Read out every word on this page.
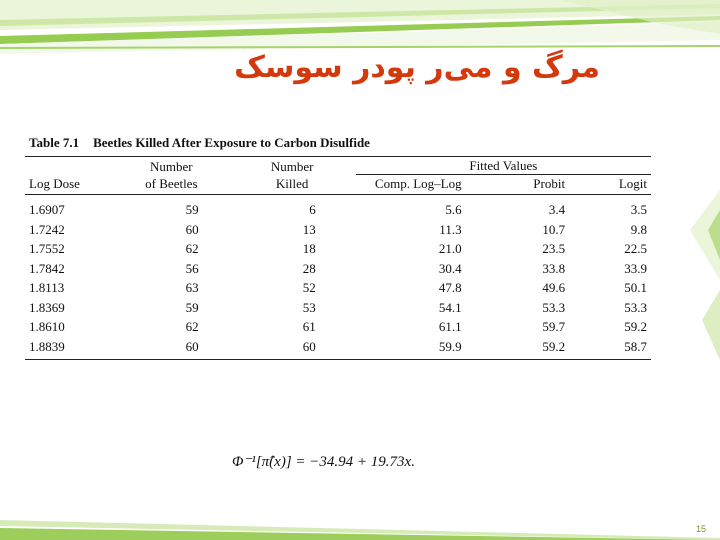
مرگ و می‌ر پودر سوسک
Table 7.1 Beetles Killed After Exposure to Carbon Disulfide
	Number	Number	Fitted Values		
Log Dose	of Beetles	Killed	Comp. Log–Log	Probit	Logit
1.6907	59	6	5.6	3.4	3.5
1.7242	60	13	11.3	10.7	9.8
1.7552	62	18	21.0	23.5	22.5
1.7842	56	28	30.4	33.8	33.9
1.8113	63	52	47.8	49.6	50.1
1.8369	59	53	54.1	53.3	53.3
1.8610	62	61	61.1	59.7	59.2
1.8839	60	60	59.9	59.2	58.7
Φ⁻¹[π̂(x)] = −34.94 + 19.73x.
15
